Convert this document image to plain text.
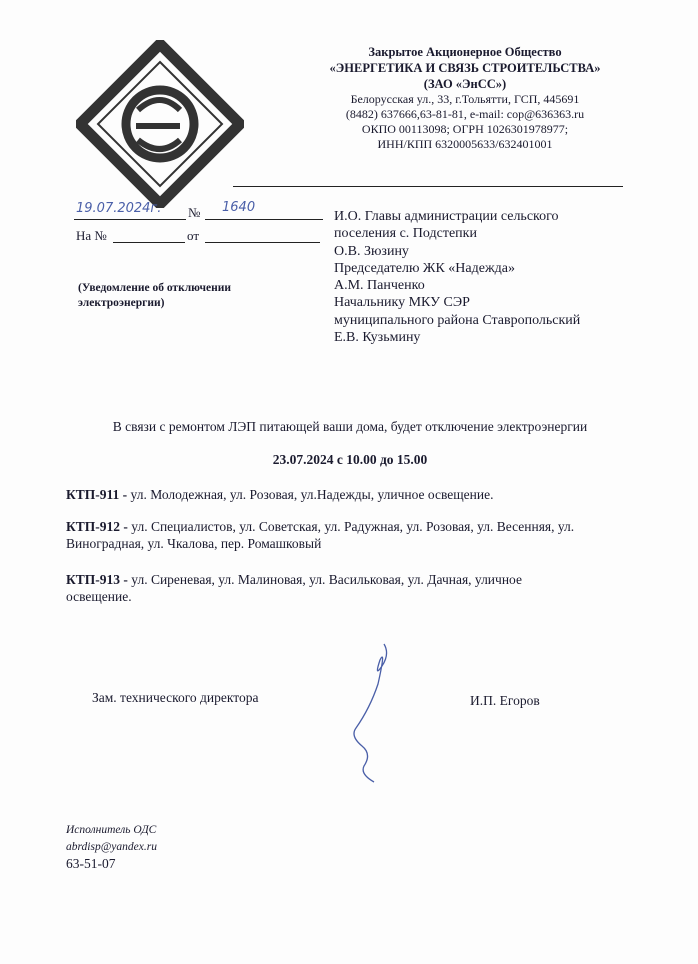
Закрытое Акционерное Общество
«ЭНЕРГЕТИКА И СВЯЗЬ СТРОИТЕЛЬСТВА»
(ЗАО «ЭнСС»)
Белорусская ул., 33, г.Тольятти, ГСП, 445691
(8482) 637666,63-81-81, e-mail: cop@636363.ru
ОКПО 00113098; ОГРН 1026301978977;
ИНН/КПП 6320005633/632401001
19.07.2024г. № 1640
На №	от
(Уведомление об отключении электроэнергии)
И.О. Главы администрации сельского
поселения с. Подстепки
О.В. Зюзину
Председателю ЖК «Надежда»
А.М. Панченко
Начальнику МКУ СЭР
муниципального района Ставропольский
Е.В. Кузьмину
В связи с ремонтом ЛЭП питающей ваши дома, будет отключение электроэнергии
23.07.2024 с 10.00 до 15.00
КТП-911 - ул. Молодежная, ул. Розовая, ул.Надежды, уличное освещение.
КТП-912 - ул. Специалистов, ул. Советская, ул. Радужная, ул. Розовая, ул. Весенняя, ул. Виноградная, ул. Чкалова, пер. Ромашковый
КТП-913 - ул. Сиреневая, ул. Малиновая, ул. Васильковая, ул. Дачная, уличное освещение.
Зам. технического директора	И.П. Егоров
Исполнитель ОДС
abrdisp@yandex.ru
63-51-07
